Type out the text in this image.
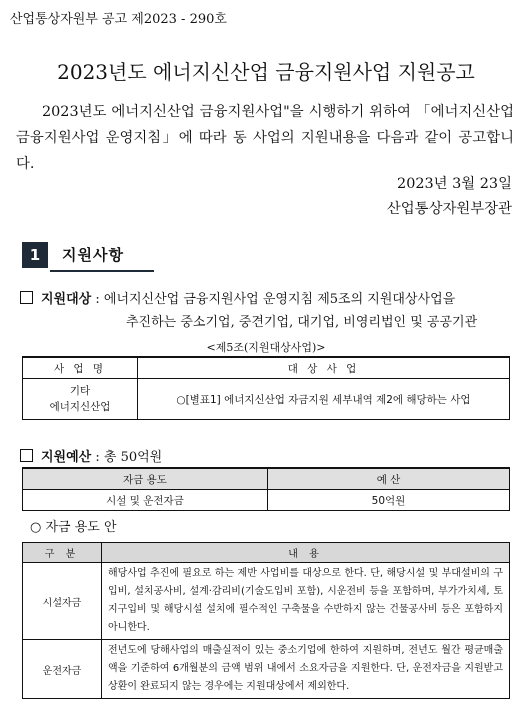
산업통상자원부 공고 제2023 - 290호
2023년도 에너지신산업 금융지원사업 지원공고
2023년도 에너지신산업 금융지원사업"을 시행하기 위하여 「에너지신산업 금융지원사업 운영지침」에 따라 동 사업의 지원내용을 다음과 같이 공고합니다.
2023년 3월 23일
산업통상자원부장관
1	지원사항
지원대상 : 에너지신산업 금융지원사업 운영지침 제5조의 지원대상사업을
추진하는 중소기업, 중견기업, 대기업, 비영리법인 및 공공기관
<제5조(지원대상사업)>
사 업 명	대 상 사 업

기타
에너지신산업	○[별표1] 에너지신산업 자금지원 세부내역 제2에 해당하는 사업
지원예산 : 총 50억원
자금 용도	예 산
시설 및 운전자금	50억원
○ 자금 용도 안
구 분	내 용
시설자금	해당사업 추진에 필요로 하는 제반 사업비를 대상으로 한다. 단, 해당시설 및 부대설비의 구입비, 설치공사비, 설계·감리비(기술도입비 포함), 시운전비 등을 포함하며, 부가가치세, 토지구입비 및 해당시설 설치에 필수적인 구축물을 수반하지 않는 건물공사비 등은 포함하지 아니한다.
운전자금	전년도에 당해사업의 매출실적이 있는 중소기업에 한하여 지원하며, 전년도 월간 평균매출액을 기준하여 6개월분의 금액 범위 내에서 소요자금을 지원한다. 단, 운전자금을 지원받고 상환이 완료되지 않는 경우에는 지원대상에서 제외한다.
